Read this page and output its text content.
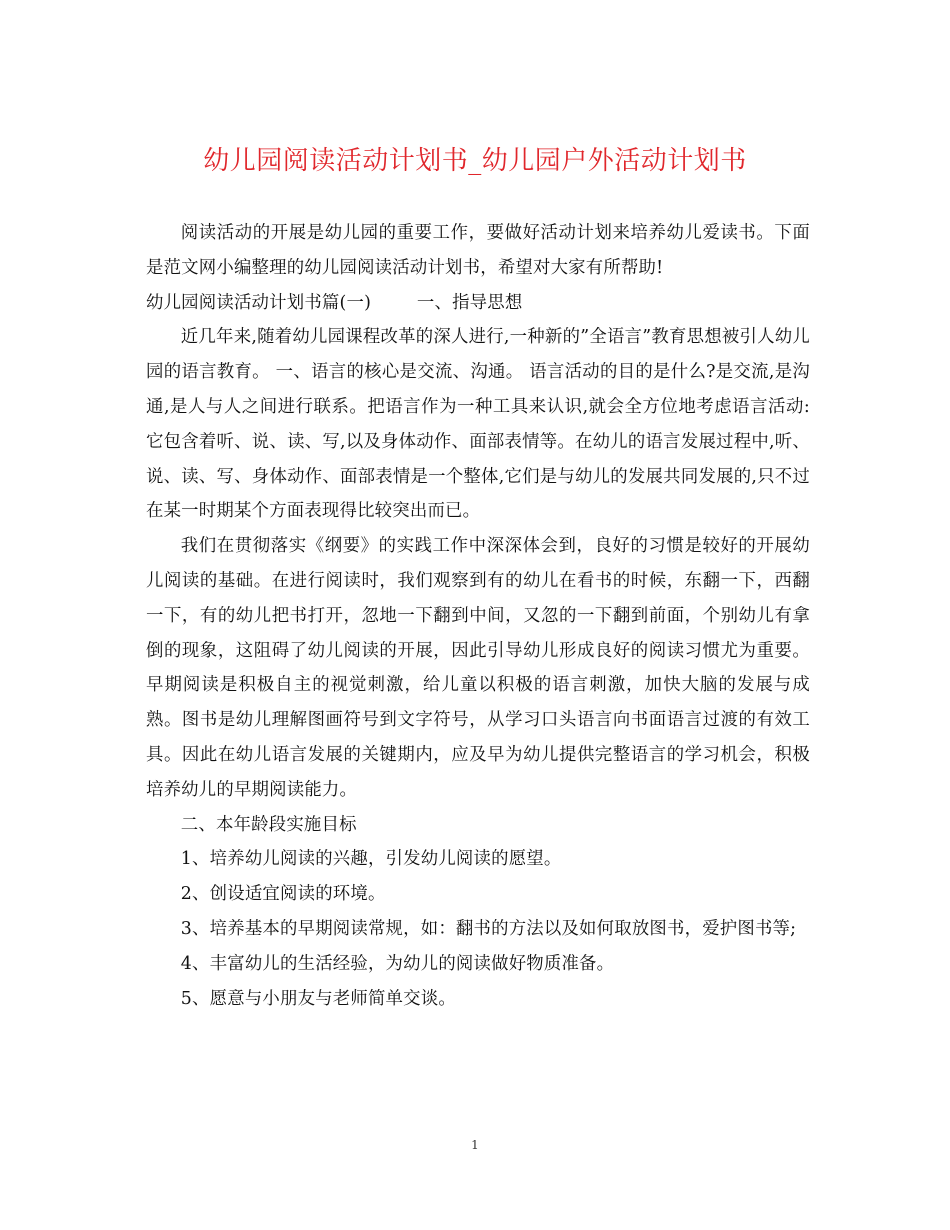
幼儿园阅读活动计划书_幼儿园户外活动计划书

阅读活动的开展是幼儿园的重要工作，要做好活动计划来培养幼儿爱读书。下面是范文网小编整理的幼儿园阅读活动计划书，希望对大家有所帮助!

幼儿园阅读活动计划书篇(一)	一、指导思想

近几年来,随着幼儿园课程改革的深人进行,一种新的”全语言”教育思想被引人幼儿园的语言教育。 一、语言的核心是交流、沟通。 语言活动的目的是什么?是交流,是沟通,是人与人之间进行联系。把语言作为一种工具来认识,就会全方位地考虑语言活动:它包含着听、说、读、写,以及身体动作、面部表情等。在幼儿的语言发展过程中,听、说、读、写、身体动作、面部表情是一个整体,它们是与幼儿的发展共同发展的,只不过在某一时期某个方面表现得比较突出而已。

我们在贯彻落实《纲要》的实践工作中深深体会到，良好的习惯是较好的开展幼儿阅读的基础。在进行阅读时，我们观察到有的幼儿在看书的时候，东翻一下，西翻一下，有的幼儿把书打开，忽地一下翻到中间，又忽的一下翻到前面，个别幼儿有拿倒的现象，这阻碍了幼儿阅读的开展，因此引导幼儿形成良好的阅读习惯尤为重要。早期阅读是积极自主的视觉刺激，给儿童以积极的语言刺激，加快大脑的发展与成熟。图书是幼儿理解图画符号到文字符号，从学习口头语言向书面语言过渡的有效工具。因此在幼儿语言发展的关键期内，应及早为幼儿提供完整语言的学习机会，积极培养幼儿的早期阅读能力。

二、本年龄段实施目标

1、培养幼儿阅读的兴趣，引发幼儿阅读的愿望。

2、创设适宜阅读的环境。

3、培养基本的早期阅读常规，如：翻书的方法以及如何取放图书，爱护图书等;

4、丰富幼儿的生活经验，为幼儿的阅读做好物质准备。

5、愿意与小朋友与老师简单交谈。

1
